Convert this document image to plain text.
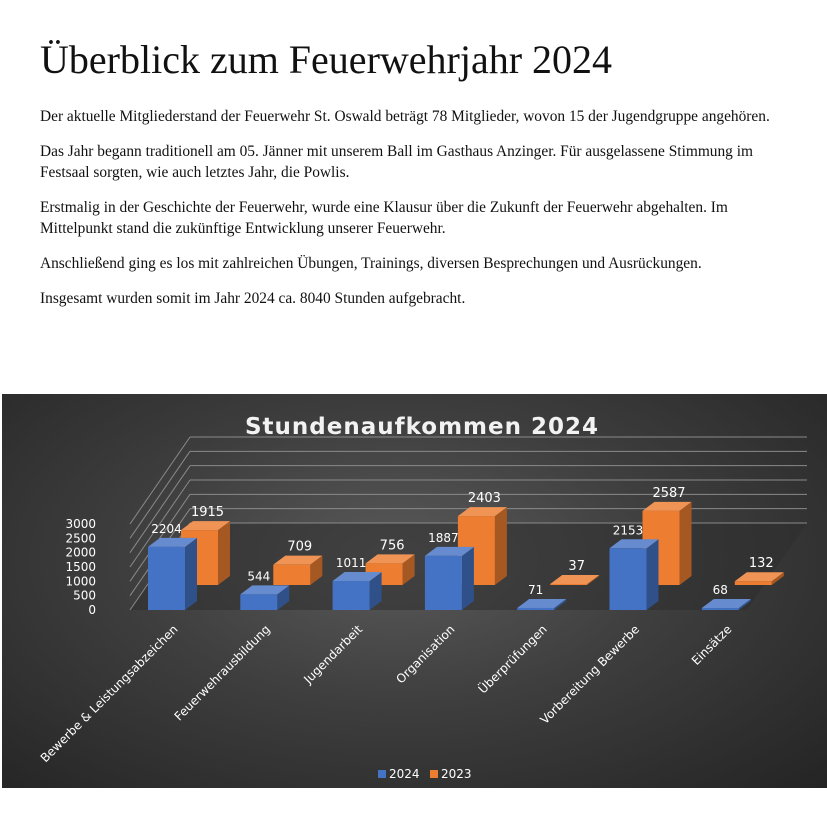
Überblick zum Feuerwehrjahr 2024

Der aktuelle Mitgliederstand der Feuerwehr St. Oswald beträgt 78 Mitglieder, wovon 15 der Jugendgruppe angehören.

Das Jahr begann traditionell am 05. Jänner mit unserem Ball im Gasthaus Anzinger. Für ausgelassene Stimmung im Festsaal sorgten, wie auch letztes Jahr, die Powlis.

Erstmalig in der Geschichte der Feuerwehr, wurde eine Klausur über die Zukunft der Feuerwehr abgehalten. Im Mittelpunkt stand die zukünftige Entwicklung unserer Feuerwehr.

Anschließend ging es los mit zahlreichen Übungen, Trainings, diversen Besprechungen und Ausrückungen.

Insgesamt wurden somit im Jahr 2024 ca. 8040 Stunden aufgebracht.

Stundenaufkommen 2024
0
500
1000
1500
2000
2500
3000
1915
709	756
2403
37
2587
132
2204
544
1011
1887
71
2153
68
Bewerbe & Leistungsabzeichen
Feuerwehrausbildung Jugendarbeit Organisation Überprüfungen
Vorbereitung Bewerbe	Einsätze
2024 2023
